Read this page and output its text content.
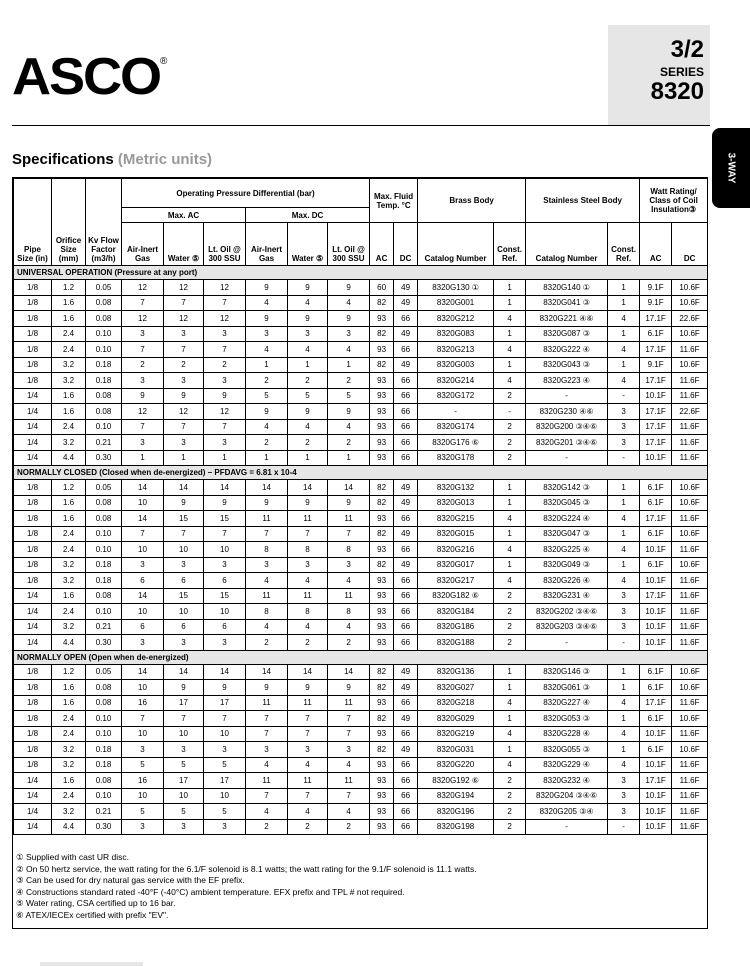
ASCO ®	3/2
SERIES
8320
3-WAY
Specifications (Metric units)
Pipe Size (in)	Orifice Size (mm)	Kv Flow Factor (m3/h)	Operating Pressure Differential (bar)						Max. Fluid Temp. °C		Brass Body		Stainless Steel Body		Watt Rating/ Class of Coil Insulation③	
			Max. AC			Max. DC										
			Air-Inert Gas	Water ⑤	Lt. Oil @ 300 SSU	Air-Inert Gas	Water ⑤	Lt. Oil @ 300 SSU	AC	DC	Catalog Number	Const. Ref.	Catalog Number	Const. Ref.	AC	DC
UNIVERSAL OPERATION (Pressure at any port)																
1/8	1.2	0.05	12	12	12	9	9	9	60	49	8320G130 ①	1	8320G140 ①	1	9.1F	10.6F
1/8	1.6	0.08	7	7	7	4	4	4	82	49	8320G001	1	8320G041 ③	1	9.1F	10.6F
1/8	1.6	0.08	12	12	12	9	9	9	93	66	8320G212	4	8320G221 ④⑥	4	17.1F	22.6F
1/8	2.4	0.10	3	3	3	3	3	3	82	49	8320G083	1	8320G087 ③	1	6.1F	10.6F
1/8	2.4	0.10	7	7	7	4	4	4	93	66	8320G213	4	8320G222 ④	4	17.1F	11.6F
1/8	3.2	0.18	2	2	2	1	1	1	82	49	8320G003	1	8320G043 ③	1	9.1F	10.6F
1/8	3.2	0.18	3	3	3	2	2	2	93	66	8320G214	4	8320G223 ④	4	17.1F	11.6F
1/4	1.6	0.08	9	9	9	5	5	5	93	66	8320G172	2	-	-	10.1F	11.6F
1/4	1.6	0.08	12	12	12	9	9	9	93	66	-	-	8320G230 ④⑥	3	17.1F	22.6F
1/4	2.4	0.10	7	7	7	4	4	4	93	66	8320G174	2	8320G200 ③④⑥	3	17.1F	11.6F
1/4	3.2	0.21	3	3	3	2	2	2	93	66	8320G176 ⑥	2	8320G201 ③④⑥	3	17.1F	11.6F
1/4	4.4	0.30	1	1	1	1	1	1	93	66	8320G178	2	-	-	10.1F	11.6F
NORMALLY CLOSED (Closed when de-energized) – PFDAVG = 6.81 x 10-4																
1/8	1.2	0.05	14	14	14	14	14	14	82	49	8320G132	1	8320G142 ③	1	6.1F	10.6F
1/8	1.6	0.08	10	9	9	9	9	9	82	49	8320G013	1	8320G045 ③	1	6.1F	10.6F
1/8	1.6	0.08	14	15	15	11	11	11	93	66	8320G215	4	8320G224 ④	4	17.1F	11.6F
1/8	2.4	0.10	7	7	7	7	7	7	82	49	8320G015	1	8320G047 ③	1	6.1F	10.6F
1/8	2.4	0.10	10	10	10	8	8	8	93	66	8320G216	4	8320G225 ④	4	10.1F	11.6F
1/8	3.2	0.18	3	3	3	3	3	3	82	49	8320G017	1	8320G049 ③	1	6.1F	10.6F
1/8	3.2	0.18	6	6	6	4	4	4	93	66	8320G217	4	8320G226 ④	4	10.1F	11.6F
1/4	1.6	0.08	14	15	15	11	11	11	93	66	8320G182 ⑥	2	8320G231 ④	3	17.1F	11.6F
1/4	2.4	0.10	10	10	10	8	8	8	93	66	8320G184	2	8320G202 ③④⑥	3	10.1F	11.6F
1/4	3.2	0.21	6	6	6	4	4	4	93	66	8320G186	2	8320G203 ③④⑥	3	10.1F	11.6F
1/4	4.4	0.30	3	3	3	2	2	2	93	66	8320G188	2	-	-	10.1F	11.6F
NORMALLY OPEN (Open when de-energized)																
1/8	1.2	0.05	14	14	14	14	14	14	82	49	8320G136	1	8320G146 ③	1	6.1F	10.6F
1/8	1.6	0.08	10	9	9	9	9	9	82	49	8320G027	1	8320G061 ③	1	6.1F	10.6F
1/8	1.6	0.08	16	17	17	11	11	11	93	66	8320G218	4	8320G227 ④	4	17.1F	11.6F
1/8	2.4	0.10	7	7	7	7	7	7	82	49	8320G029	1	8320G053 ③	1	6.1F	10.6F
1/8	2.4	0.10	10	10	10	7	7	7	93	66	8320G219	4	8320G228 ④	4	10.1F	11.6F
1/8	3.2	0.18	3	3	3	3	3	3	82	49	8320G031	1	8320G055 ③	1	6.1F	10.6F
1/8	3.2	0.18	5	5	5	4	4	4	93	66	8320G220	4	8320G229 ④	4	10.1F	11.6F
1/4	1.6	0.08	16	17	17	11	11	11	93	66	8320G192 ⑥	2	8320G232 ④	3	17.1F	11.6F
1/4	2.4	0.10	10	10	10	7	7	7	93	66	8320G194	2	8320G204 ③④⑥	3	10.1F	11.6F
1/4	3.2	0.21	5	5	5	4	4	4	93	66	8320G196	2	8320G205 ③④	3	10.1F	11.6F
1/4	4.4	0.30	3	3	3	2	2	2	93	66	8320G198	2	-	-	10.1F	11.6F
① Supplied with cast UR disc.
② On 50 hertz service, the watt rating for the 6.1/F solenoid is 8.1 watts; the watt rating for the 9.1/F solenoid is 11.1 watts.
③ Can be used for dry natural gas service with the EF prefix.
④ Constructions standard rated -40°F (-40°C) ambient temperature. EFX prefix and TPL # not required.
⑤ Water rating, CSA certified up to 16 bar.
⑥ ATEX/IECEx certified with prefix "EV".
